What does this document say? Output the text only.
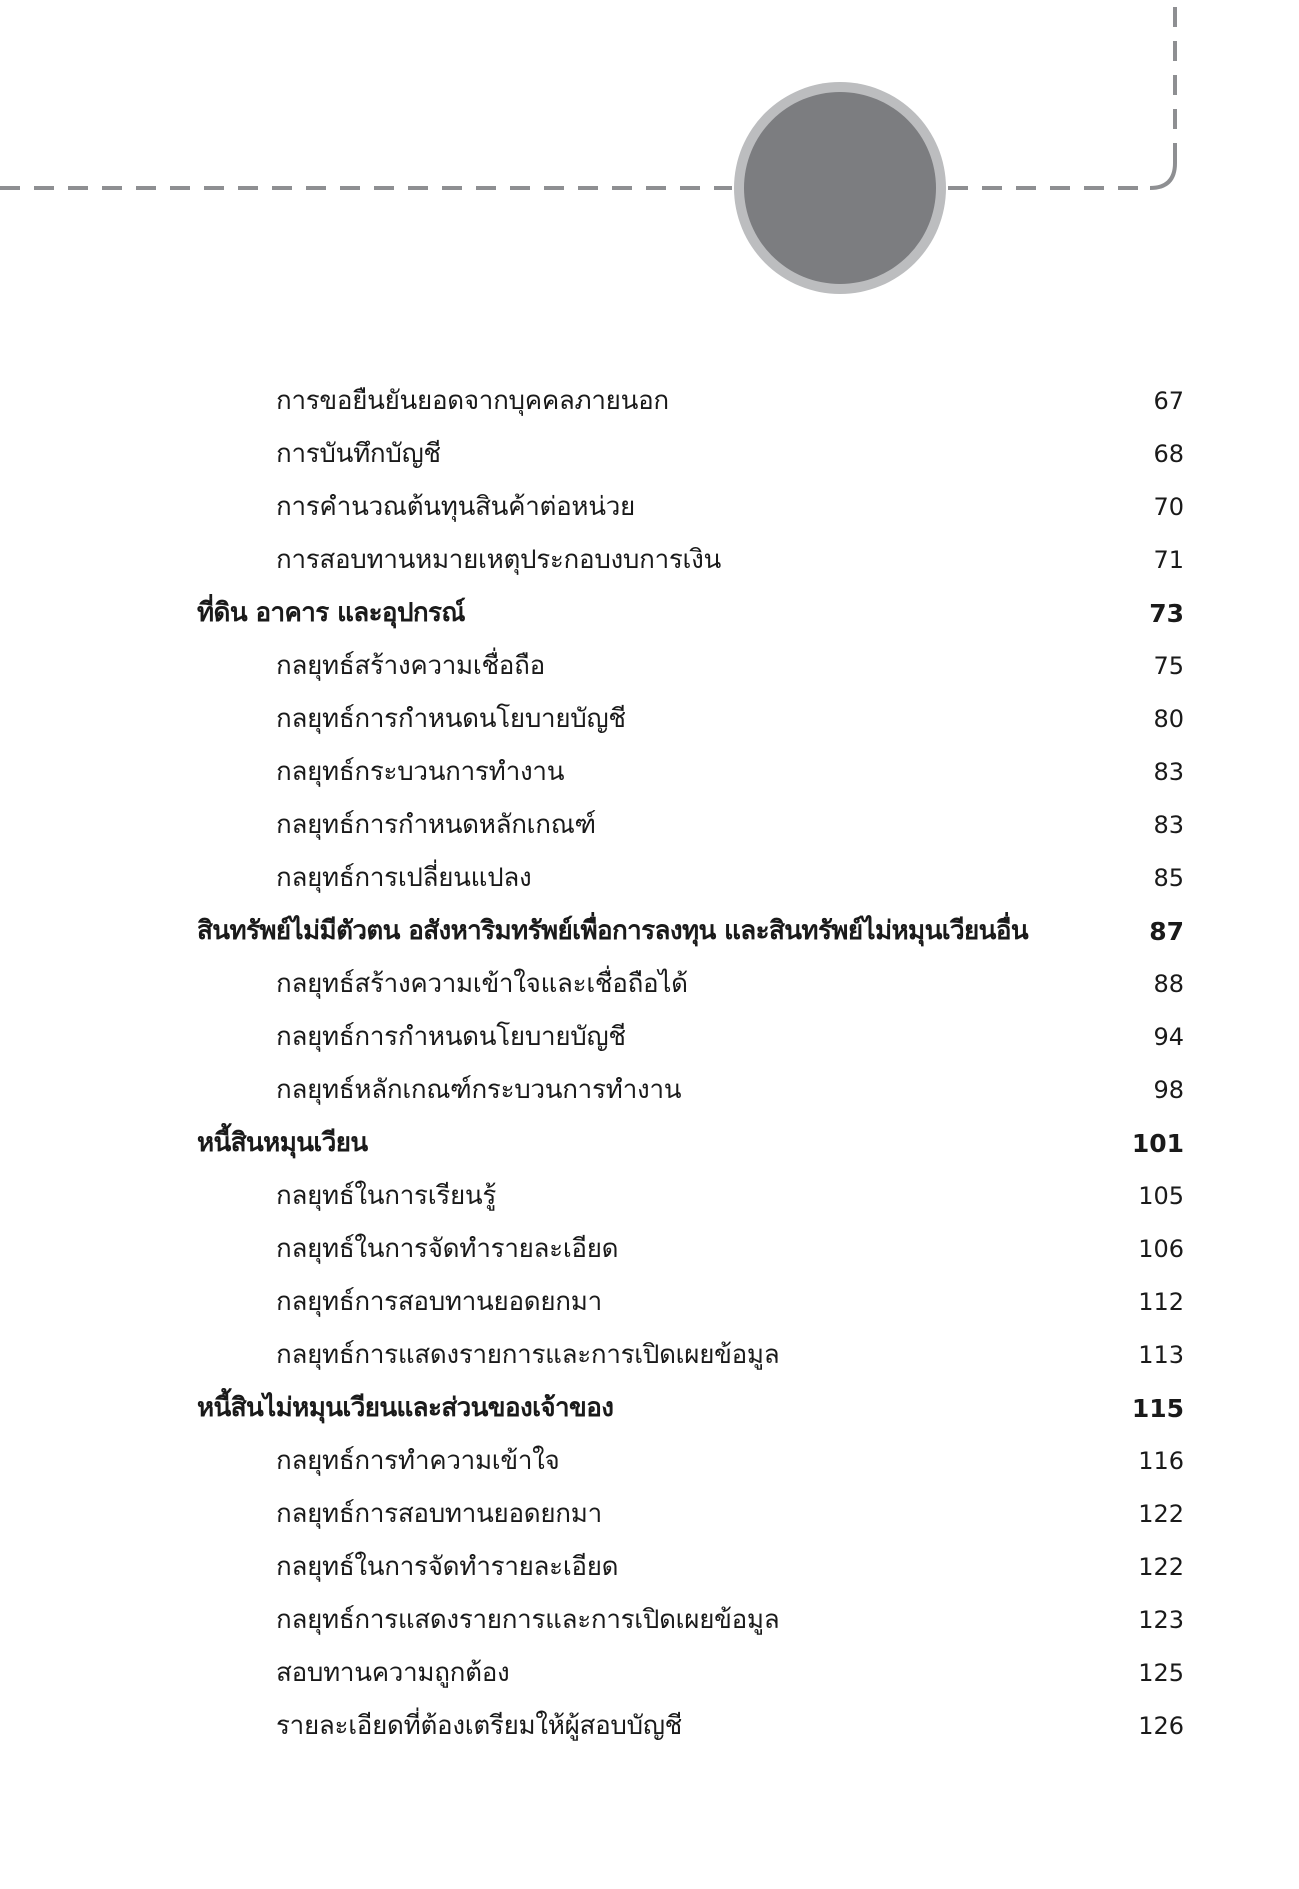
การขอยืนยันยอดจากบุคคลภายนอก	67
การบันทึกบัญชี	68
การคำนวณต้นทุนสินค้าต่อหน่วย	70
การสอบทานหมายเหตุประกอบงบการเงิน	71
ที่ดิน อาคาร และอุปกรณ์	73
กลยุทธ์สร้างความเชื่อถือ	75
กลยุทธ์การกำหนดนโยบายบัญชี	80
กลยุทธ์กระบวนการทำงาน	83
กลยุทธ์การกำหนดหลักเกณฑ์	83
กลยุทธ์การเปลี่ยนแปลง	85
สินทรัพย์ไม่มีตัวตน อสังหาริมทรัพย์เพื่อการลงทุน และสินทรัพย์ไม่หมุนเวียนอื่น	87
กลยุทธ์สร้างความเข้าใจและเชื่อถือได้	88
กลยุทธ์การกำหนดนโยบายบัญชี	94
กลยุทธ์หลักเกณฑ์กระบวนการทำงาน	98
หนี้สินหมุนเวียน	101
กลยุทธ์ในการเรียนรู้	105
กลยุทธ์ในการจัดทำรายละเอียด	106
กลยุทธ์การสอบทานยอดยกมา	112
กลยุทธ์การแสดงรายการและการเปิดเผยข้อมูล	113
หนี้สินไม่หมุนเวียนและส่วนของเจ้าของ	115
กลยุทธ์การทำความเข้าใจ	116
กลยุทธ์การสอบทานยอดยกมา	122
กลยุทธ์ในการจัดทำรายละเอียด	122
กลยุทธ์การแสดงรายการและการเปิดเผยข้อมูล	123
สอบทานความถูกต้อง	125
รายละเอียดที่ต้องเตรียมให้ผู้สอบบัญชี	126
